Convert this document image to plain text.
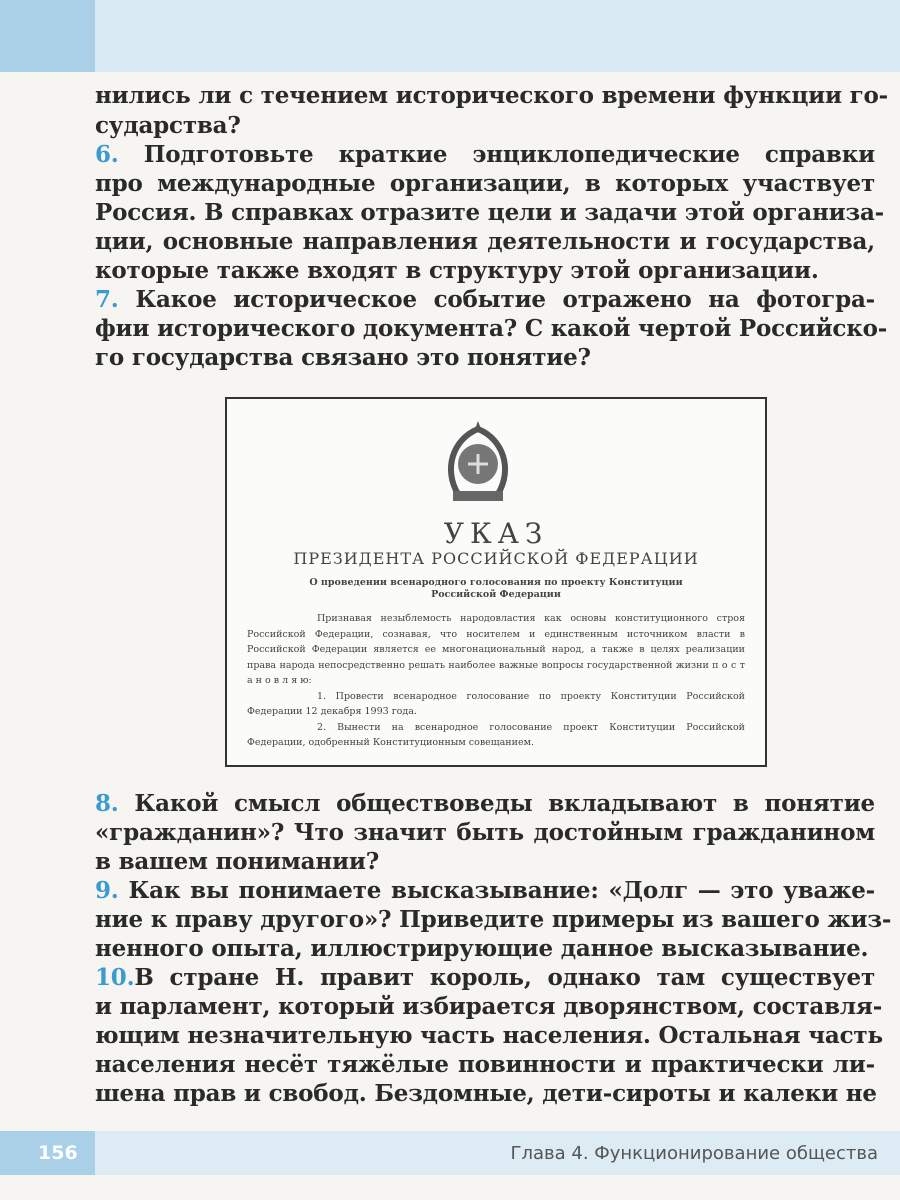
нились ли с течением исторического времени функции го-
сударства?
6. Подготовьте краткие энциклопедические справки
про международные организации, в которых участвует
Россия. В справках отразите цели и задачи этой организа-
ции, основные направления деятельности и государства,
которые также входят в структуру этой организации.
7. Какое историческое событие отражено на фотогра-
фии исторического документа? С какой чертой Российско-
го государства связано это понятие?
8. Какой смысл обществоведы вкладывают в понятие
«гражданин»? Что значит быть достойным гражданином
в вашем понимании?
9. Как вы понимаете высказывание: «Долг — это уваже-
ние к праву другого»? Приведите примеры из вашего жиз-
ненного опыта, иллюстрирующие данное высказывание.
10.В стране Н. правит король, однако там существует
и парламент, который избирается дворянством, составля-
ющим незначительную часть населения. Остальная часть
населения несёт тяжёлые повинности и практически ли-
шена прав и свобод. Бездомные, дети-сироты и калеки не
УКАЗ
ПРЕЗИДЕНТА РОССИЙСКОЙ ФЕДЕРАЦИИ
О проведении всенародного голосования по проекту Конституции Российской Федерации

Признавая незыблемость народовластия как основы конституционного строя Российской Федерации, сознавая, что носителем и единственным источником власти в Российской Федерации является ее многонациональный народ, а также в целях реализации права народа непосредственно решать наиболее важные вопросы государственной жизни п о с т а н о в л я ю:

1. Провести всенародное голосование по проекту Конституции Российской Федерации 12 декабря 1993 года.

2. Вынести на всенародное голосование проект Конституции Российской Федерации, одобренный Конституционным совещанием.

156	Глава 4. Функционирование общества
